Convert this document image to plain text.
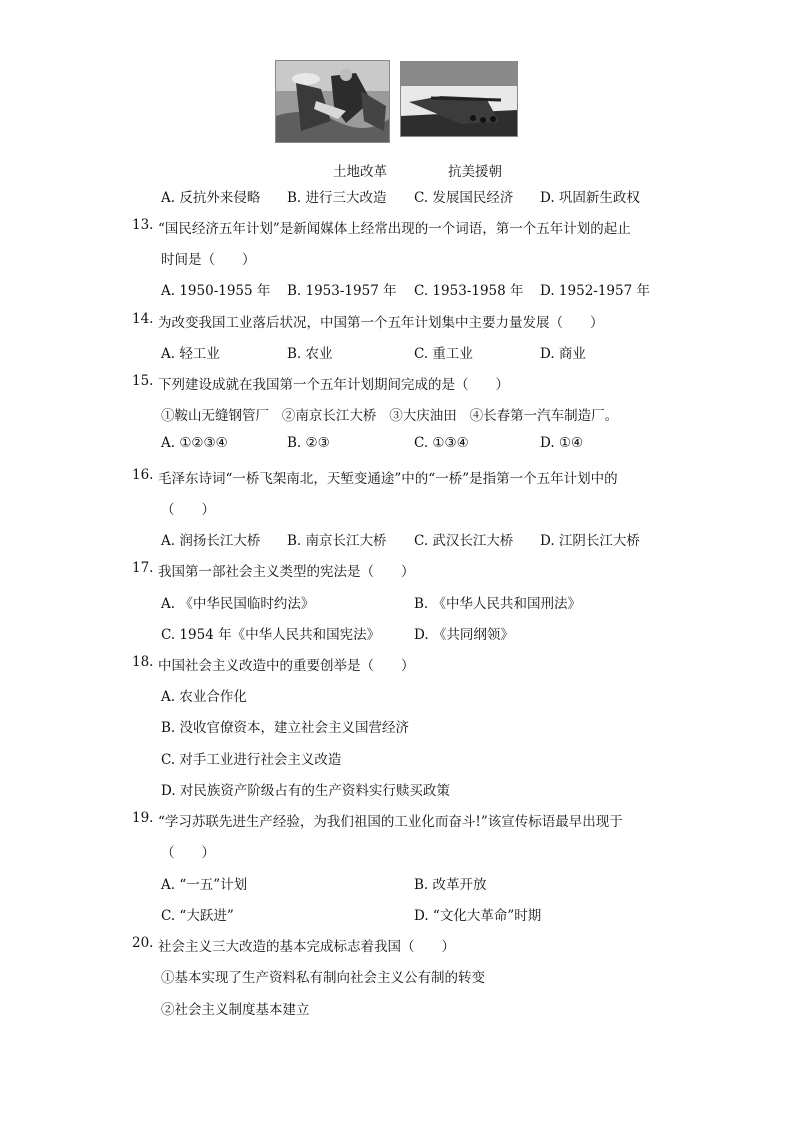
土地改革	抗美援朝
A. 反抗外来侵略 B. 进行三大改造 C. 发展国民经济 D. 巩固新生政权
13. “国民经济五年计划”是新闻媒体上经常出现的一个词语，第一个五年计划的起止
时间是（　　）
A. 1950-1955 年 B. 1953-1957 年 C. 1953-1958 年 D. 1952-1957 年
14. 为改变我国工业落后状况，中国第一个五年计划集中主要力量发展（　　）
A. 轻工业	B. 农业	C. 重工业	D. 商业
15. 下列建设成就在我国第一个五年计划期间完成的是（　　）
①鞍山无缝钢管厂   ②南京长江大桥   ③大庆油田   ④长春第一汽车制造厂。
A. ①②③④	B. ②③	C. ①③④	D. ①④
16. 毛泽东诗词“一桥飞架南北，天堑变通途”中的“一桥”是指第一个五年计划中的
（　　）
A. 润扬长江大桥 B. 南京长江大桥 C. 武汉长江大桥 D. 江阴长江大桥
17. 我国第一部社会主义类型的宪法是（　　）
A. 《中华民国临时约法》	B. 《中华人民共和国刑法》
C. 1954 年《中华人民共和国宪法》	D. 《共同纲领》
18. 中国社会主义改造中的重要创举是（　　）
A. 农业合作化
B. 没收官僚资本，建立社会主义国营经济
C. 对手工业进行社会主义改造
D. 对民族资产阶级占有的生产资料实行赎买政策
19. “学习苏联先进生产经验，为我们祖国的工业化而奋斗!”该宣传标语最早出现于
（　　）
A. “一五”计划	B. 改革开放
C. “大跃进”	D. “文化大革命”时期
20. 社会主义三大改造的基本完成标志着我国（　　）
①基本实现了生产资料私有制向社会主义公有制的转变
②社会主义制度基本建立
